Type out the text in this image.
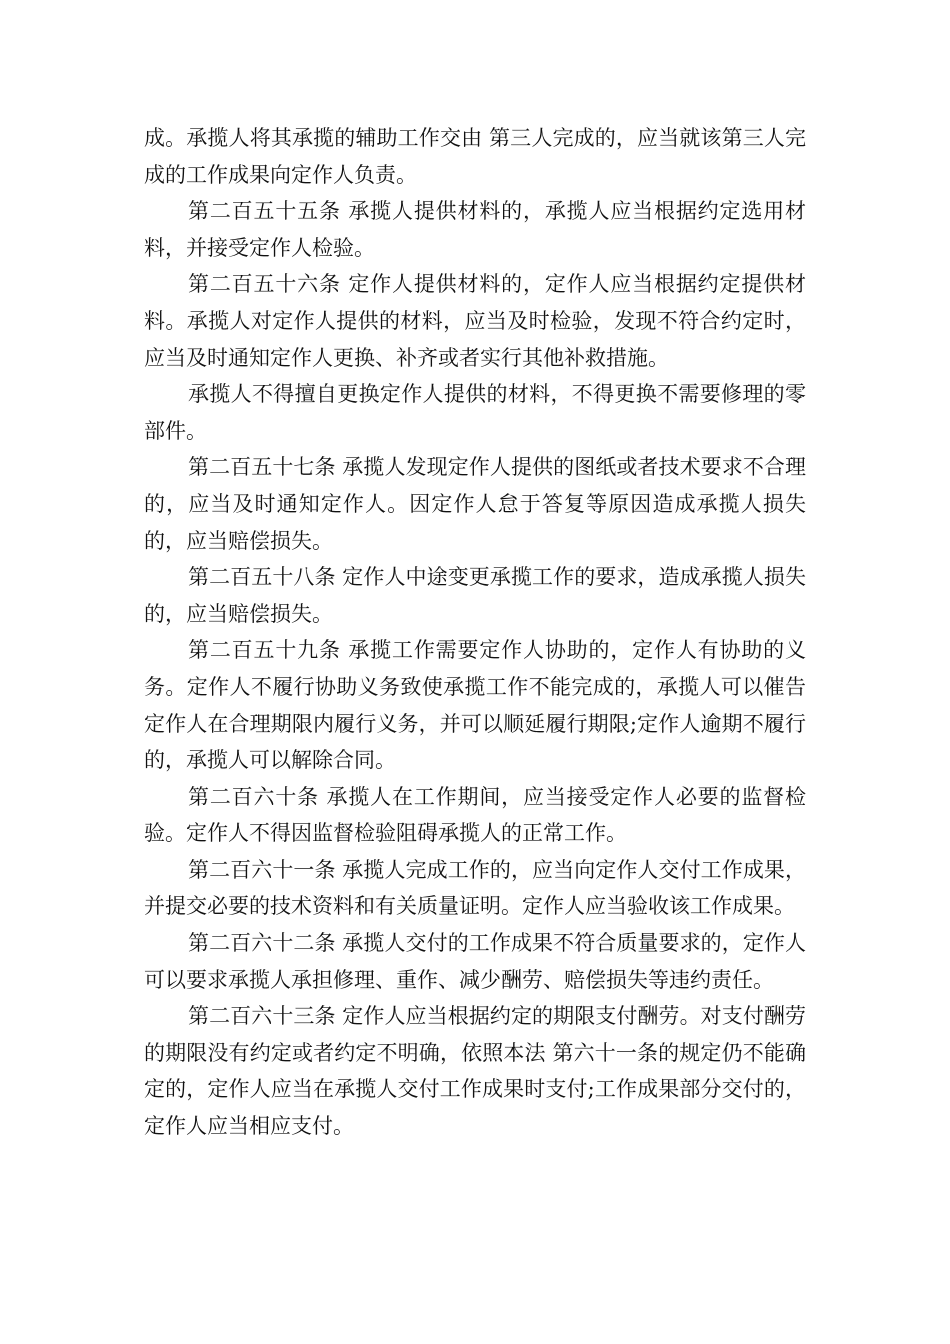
成。承揽人将其承揽的辅助工作交由 第三人完成的，应当就该第三人完成的工作成果向定作人负责。

第二百五十五条 承揽人提供材料的，承揽人应当根据约定选用材料，并接受定作人检验。

第二百五十六条 定作人提供材料的，定作人应当根据约定提供材料。承揽人对定作人提供的材料，应当及时检验，发现不符合约定时，应当及时通知定作人更换、补齐或者实行其他补救措施。

承揽人不得擅自更换定作人提供的材料，不得更换不需要修理的零部件。

第二百五十七条 承揽人发现定作人提供的图纸或者技术要求不合理的，应当及时通知定作人。因定作人怠于答复等原因造成承揽人损失的，应当赔偿损失。

第二百五十八条 定作人中途变更承揽工作的要求，造成承揽人损失的，应当赔偿损失。

第二百五十九条 承揽工作需要定作人协助的，定作人有协助的义务。定作人不履行协助义务致使承揽工作不能完成的，承揽人可以催告定作人在合理期限内履行义务，并可以顺延履行期限;定作人逾期不履行的，承揽人可以解除合同。

第二百六十条 承揽人在工作期间，应当接受定作人必要的监督检验。定作人不得因监督检验阻碍承揽人的正常工作。

第二百六十一条 承揽人完成工作的，应当向定作人交付工作成果，并提交必要的技术资料和有关质量证明。定作人应当验收该工作成果。

第二百六十二条 承揽人交付的工作成果不符合质量要求的，定作人可以要求承揽人承担修理、重作、减少酬劳、赔偿损失等违约责任。

第二百六十三条 定作人应当根据约定的期限支付酬劳。对支付酬劳的期限没有约定或者约定不明确，依照本法 第六十一条的规定仍不能确定的，定作人应当在承揽人交付工作成果时支付;工作成果部分交付的，定作人应当相应支付。
